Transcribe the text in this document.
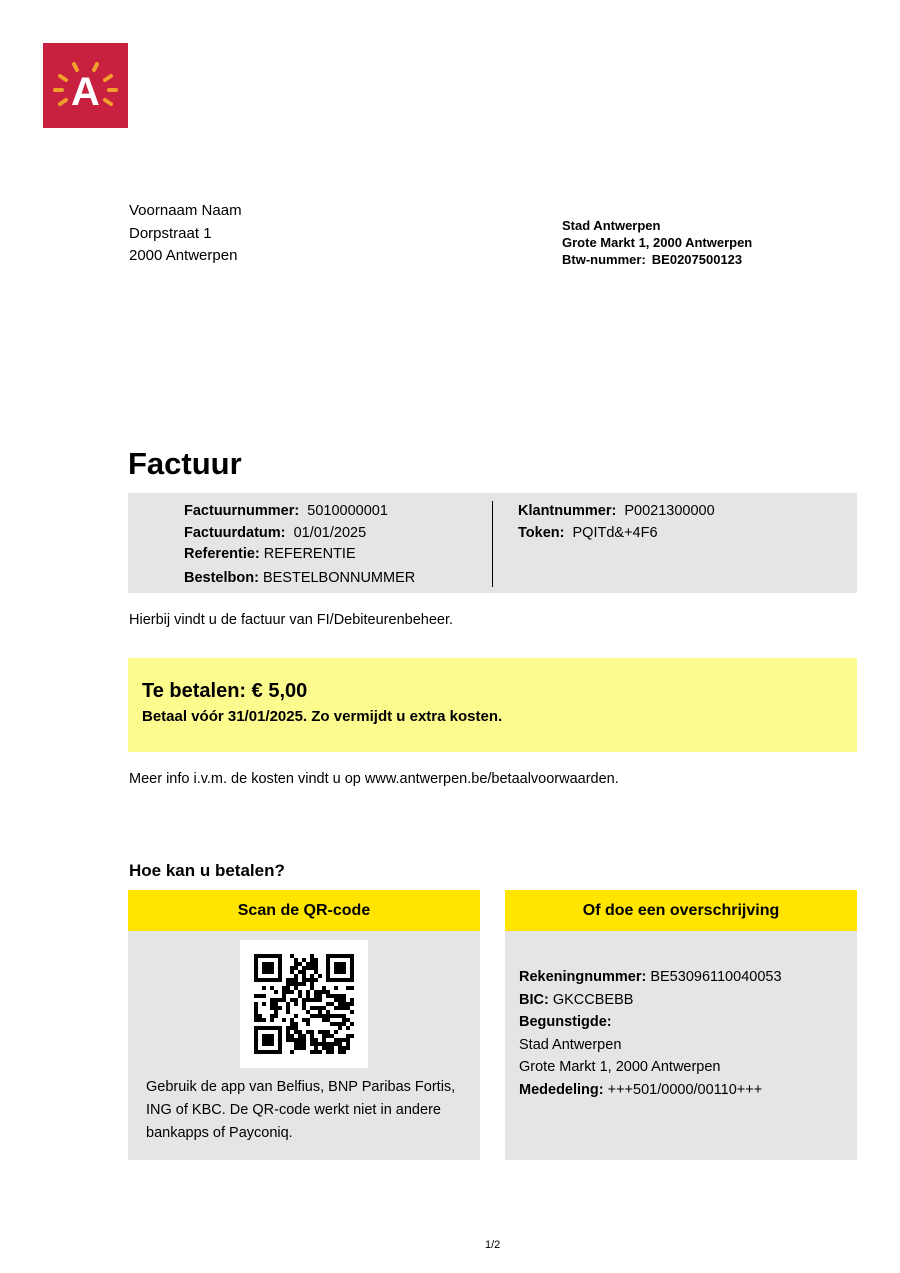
A
Voornaam Naam
Dorpstraat 1
2000 Antwerpen
Stad Antwerpen
Grote Markt 1, 2000 Antwerpen
Btw-nummer: BE0207500123
Factuur
Factuurnummer: 5010000001
Factuurdatum: 01/01/2025
Referentie: REFERENTIE
Bestelbon: BESTELBONNUMMER
Klantnummer: P0021300000
Token: PQITd&+4F6
Hierbij vindt u de factuur van FI/Debiteurenbeheer.
Te betalen: € 5,00
Betaal vóór 31/01/2025. Zo vermijdt u extra kosten.
Meer info i.v.m. de kosten vindt u op www.antwerpen.be/betaalvoorwaarden.
Hoe kan u betalen?
Scan de QR-code
Gebruik de app van Belfius, BNP Paribas Fortis, ING of KBC. De QR-code werkt niet in andere bankapps of Payconiq.
Of doe een overschrijving
Rekeningnummer: BE53096110040053
BIC: GKCCBEBB
Begunstigde:
Stad Antwerpen
Grote Markt 1, 2000 Antwerpen
Mededeling: +++501/0000/00110+++
1/2
